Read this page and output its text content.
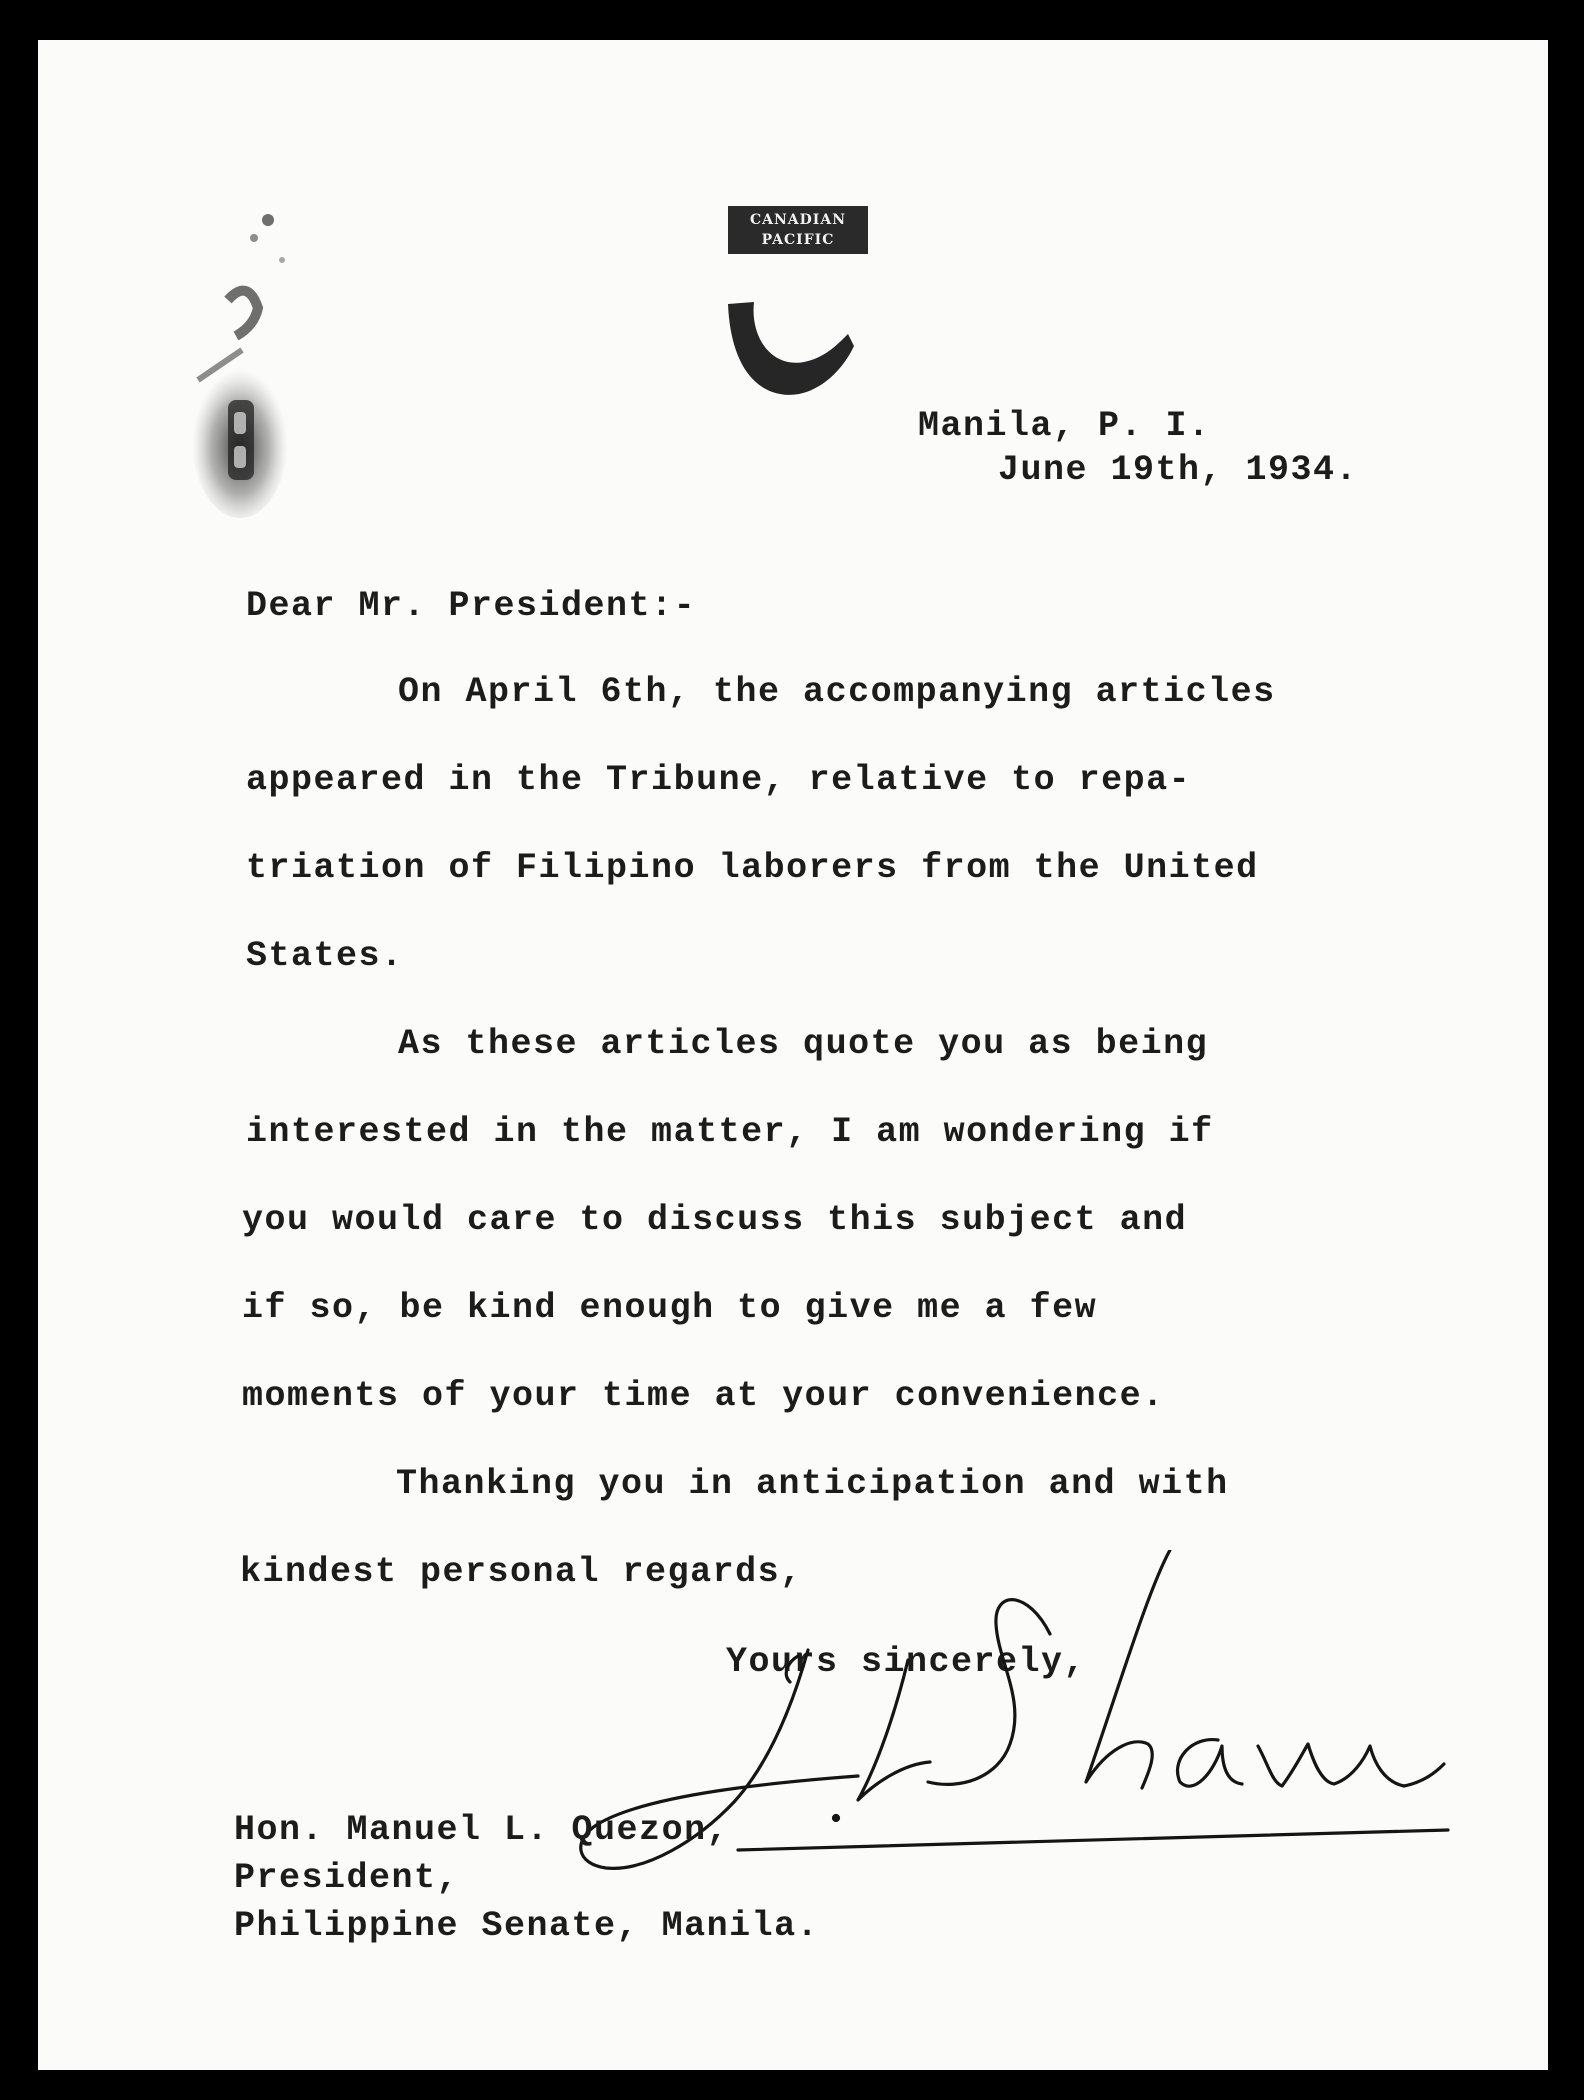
CANADIAN
PACIFIC

Manila, P. I.

June 19th, 1934.

Dear Mr. President:-

On April 6th, the accompanying articles

appeared in the Tribune, relative to repa-

triation of Filipino laborers from the United

States.

As these articles quote you as being

interested in the matter, I am wondering if

you would care to discuss this subject and

if so, be kind enough to give me a few

moments of your time at your convenience.

Thanking you in anticipation and with

kindest personal regards,

Yours sincerely,

Hon. Manuel L. Quezon,

President,

Philippine Senate, Manila.
